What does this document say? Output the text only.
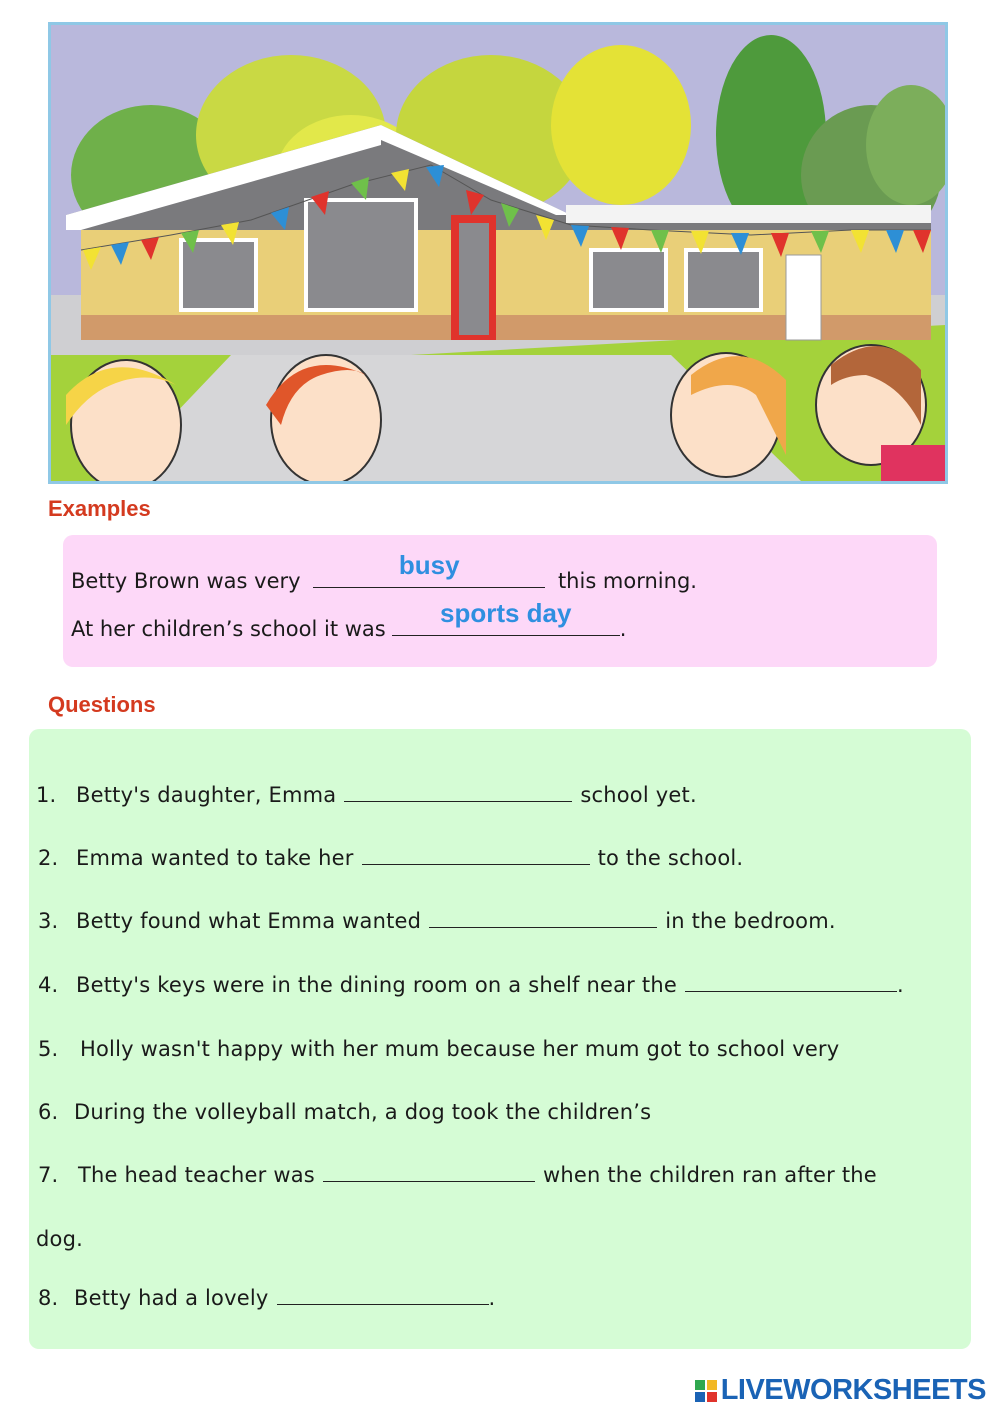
Examples
Betty Brown was very
busy
this morning.
At her children’s school it was
sports day
.
Questions
1. Betty's daughter, Emma	school yet.
2. Emma wanted to take her	to the school.
3. Betty found what Emma wanted	in the bedroom.
4. Betty's keys were in the dining room on a shelf near the	.
5. Holly wasn't happy with her mum because her mum got to school very
6. During the volleyball match, a dog took the children’s
7. The head teacher was	when the children ran after the
dog.
8. Betty had a lovely	.
LIVEWORKSHEETS
